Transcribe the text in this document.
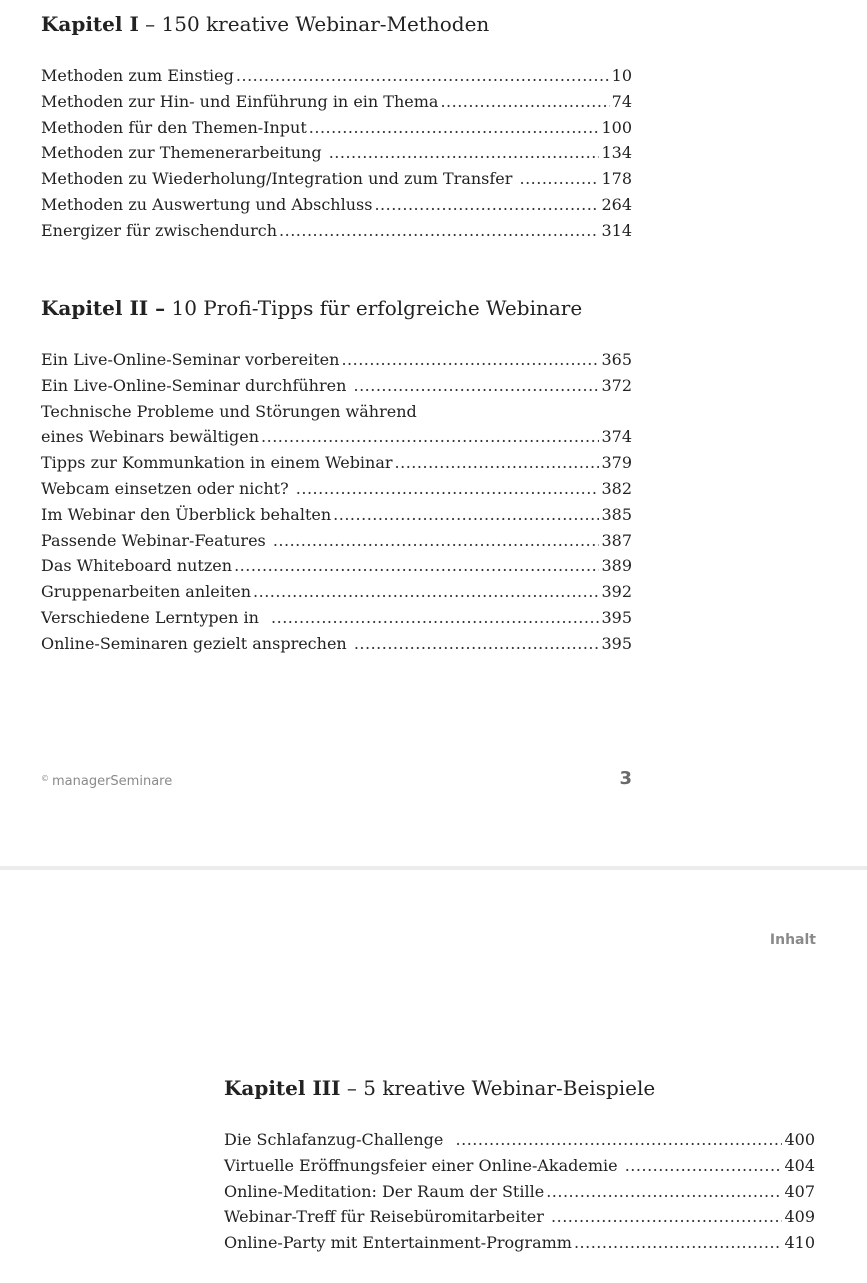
Kapitel I – 150 kreative Webinar-Methoden
Methoden zum Einstieg .....	10
Methoden zur Hin- und Einführung in ein Thema .....	74
Methoden für den Themen-Input .....	100
Methoden zur Themenerarbeitung .....	134
Methoden zu Wiederholung/Integration und zum Transfer .....	178
Methoden zu Auswertung und Abschluss .....	264
Energizer für zwischendurch .....	314
Kapitel II – 10 Profi-Tipps für erfolgreiche Webinare
Ein Live-Online-Seminar vorbereiten .....	365
Ein Live-Online-Seminar durchführen .....	372
Technische Probleme und Störungen während
eines Webinars bewältigen .....	374
Tipps zur Kommunkation in einem Webinar .....	379
Webcam einsetzen oder nicht? .....	382
Im Webinar den Überblick behalten .....	385
Passende Webinar-Features .....	387
Das Whiteboard nutzen .....	389
Gruppenarbeiten anleiten .....	392
Verschiedene Lerntypen in .....	395
Online-Seminaren gezielt ansprechen .....	395
© managerSeminare	3
Inhalt
Kapitel III – 5 kreative Webinar-Beispiele
Die Schlafanzug-Challenge .....	400
Virtuelle Eröffnungsfeier einer Online-Akademie .....	404
Online-Meditation: Der Raum der Stille .....	407
Webinar-Treff für Reisebüromitarbeiter .....	409
Online-Party mit Entertainment-Programm .....	410
